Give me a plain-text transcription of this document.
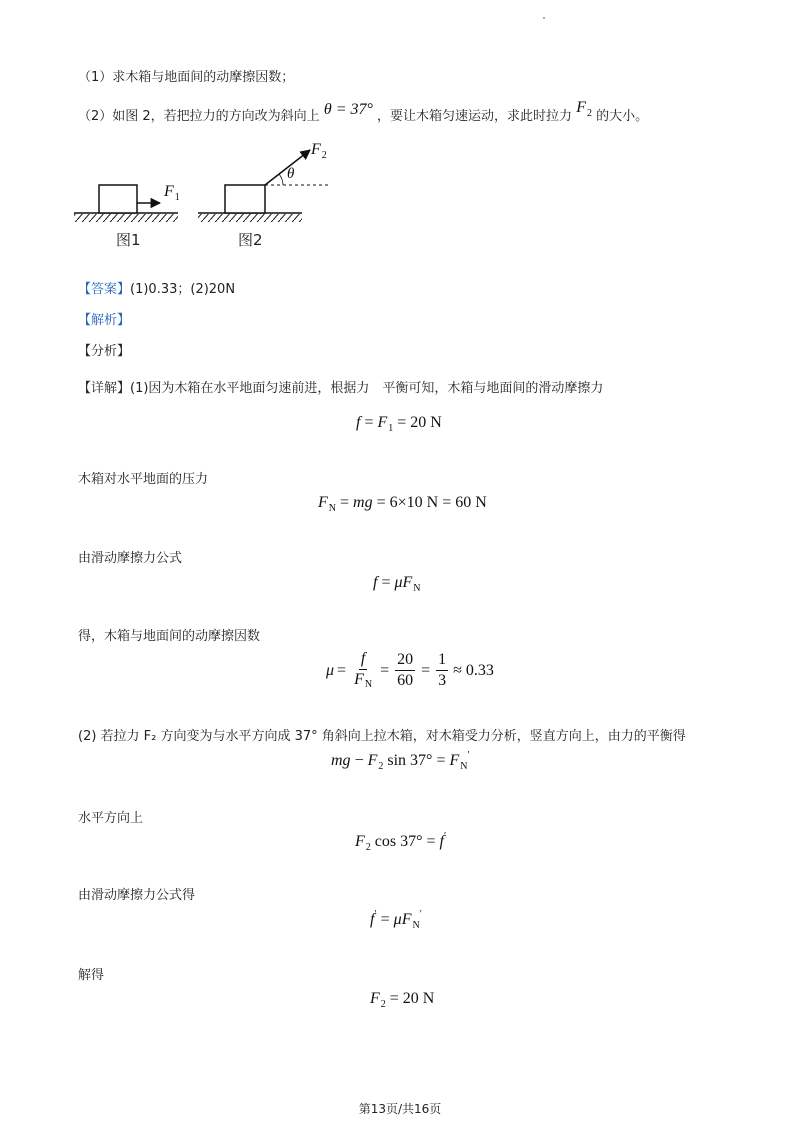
（1）求木箱与地面间的动摩擦因数；
（2）如图 2，若把拉力的方向改为斜向上 θ = 37° ，要让木箱匀速运动，求此时拉力 $F_2$ 的大小。
$F_1$
$F_2$
θ
图1	图2
【答案】(1)0.33；(2)20N
【解析】
【分析】
【详解】(1)因为木箱在水平地面匀速前进，根据力　平衡可知，木箱与地面间的滑动摩擦力
$f = F_1 = 20$ N
木箱对水平地面的压力
$F_N$ = mg = 6×10 N = 60 N
由滑动摩擦力公式
$f = \mu F_N$
得，木箱与地面间的动摩擦因数
$\mu = \frac{f}{FN} = \frac{20}{60} = \frac{1}{3} \approx 0.33$
(2) 若拉力 F₂ 方向变为与水平方向成 37° 角斜向上拉木箱，对木箱受力分析，竖直方向上，由力的平衡得
mg − $F_2$ $\sin 37^\circ = F_N'$
水平方向上
$F_2$ cos 37° = f′
由滑动摩擦力公式得
$f' = \mu F_N'$
解得
$F_2 = 20$ N
第13页/共16页
